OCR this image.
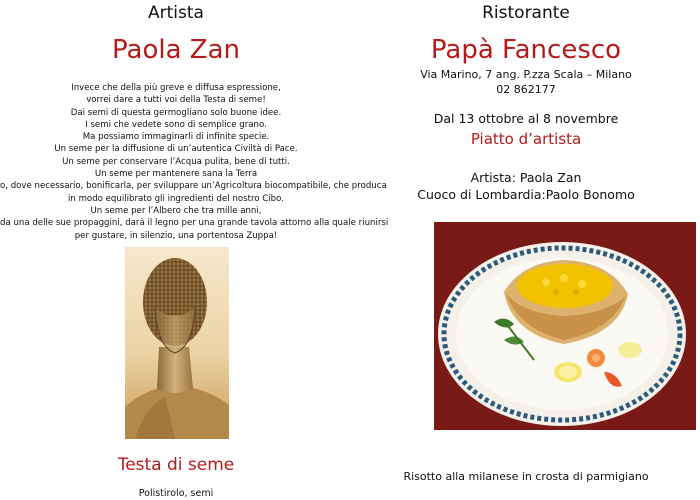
Artista
Paola Zan
Invece che della più greve e diffusa espressione,
vorrei dare a tutti voi della Testa di seme!
Dai semi di questa germogliano solo buone idee.
I semi che vedete sono di semplice grano.
Ma possiamo immaginarli di infinite specie.
Un seme per la diffusione di un’autentica Civiltà di Pace.
Un seme per conservare l’Acqua pulita, bene di tutti.
Un seme per mantenere sana la Terra
o, dove necessario, bonificarla, per sviluppare un’Agricoltura biocompatibile, che produca
in modo equilibrato gli ingredienti del nostro Cibo.
Un seme per l’Albero che tra mille anni,
da una delle sue propaggini, darà il legno per una grande tavola attorno alla quale riunirsi
per gustare, in silenzio, una portentosa Zuppa!
Testa di seme
Polistirolo, semi
Ristorante
Papà Fancesco
Via Marino, 7 ang. P.zza Scala – Milano
02 862177
Dal 13 ottobre al 8 novembre
Piatto d’artista
Artista: Paola Zan
Cuoco di Lombardia:Paolo Bonomo
Risotto alla milanese in crosta di parmigiano
